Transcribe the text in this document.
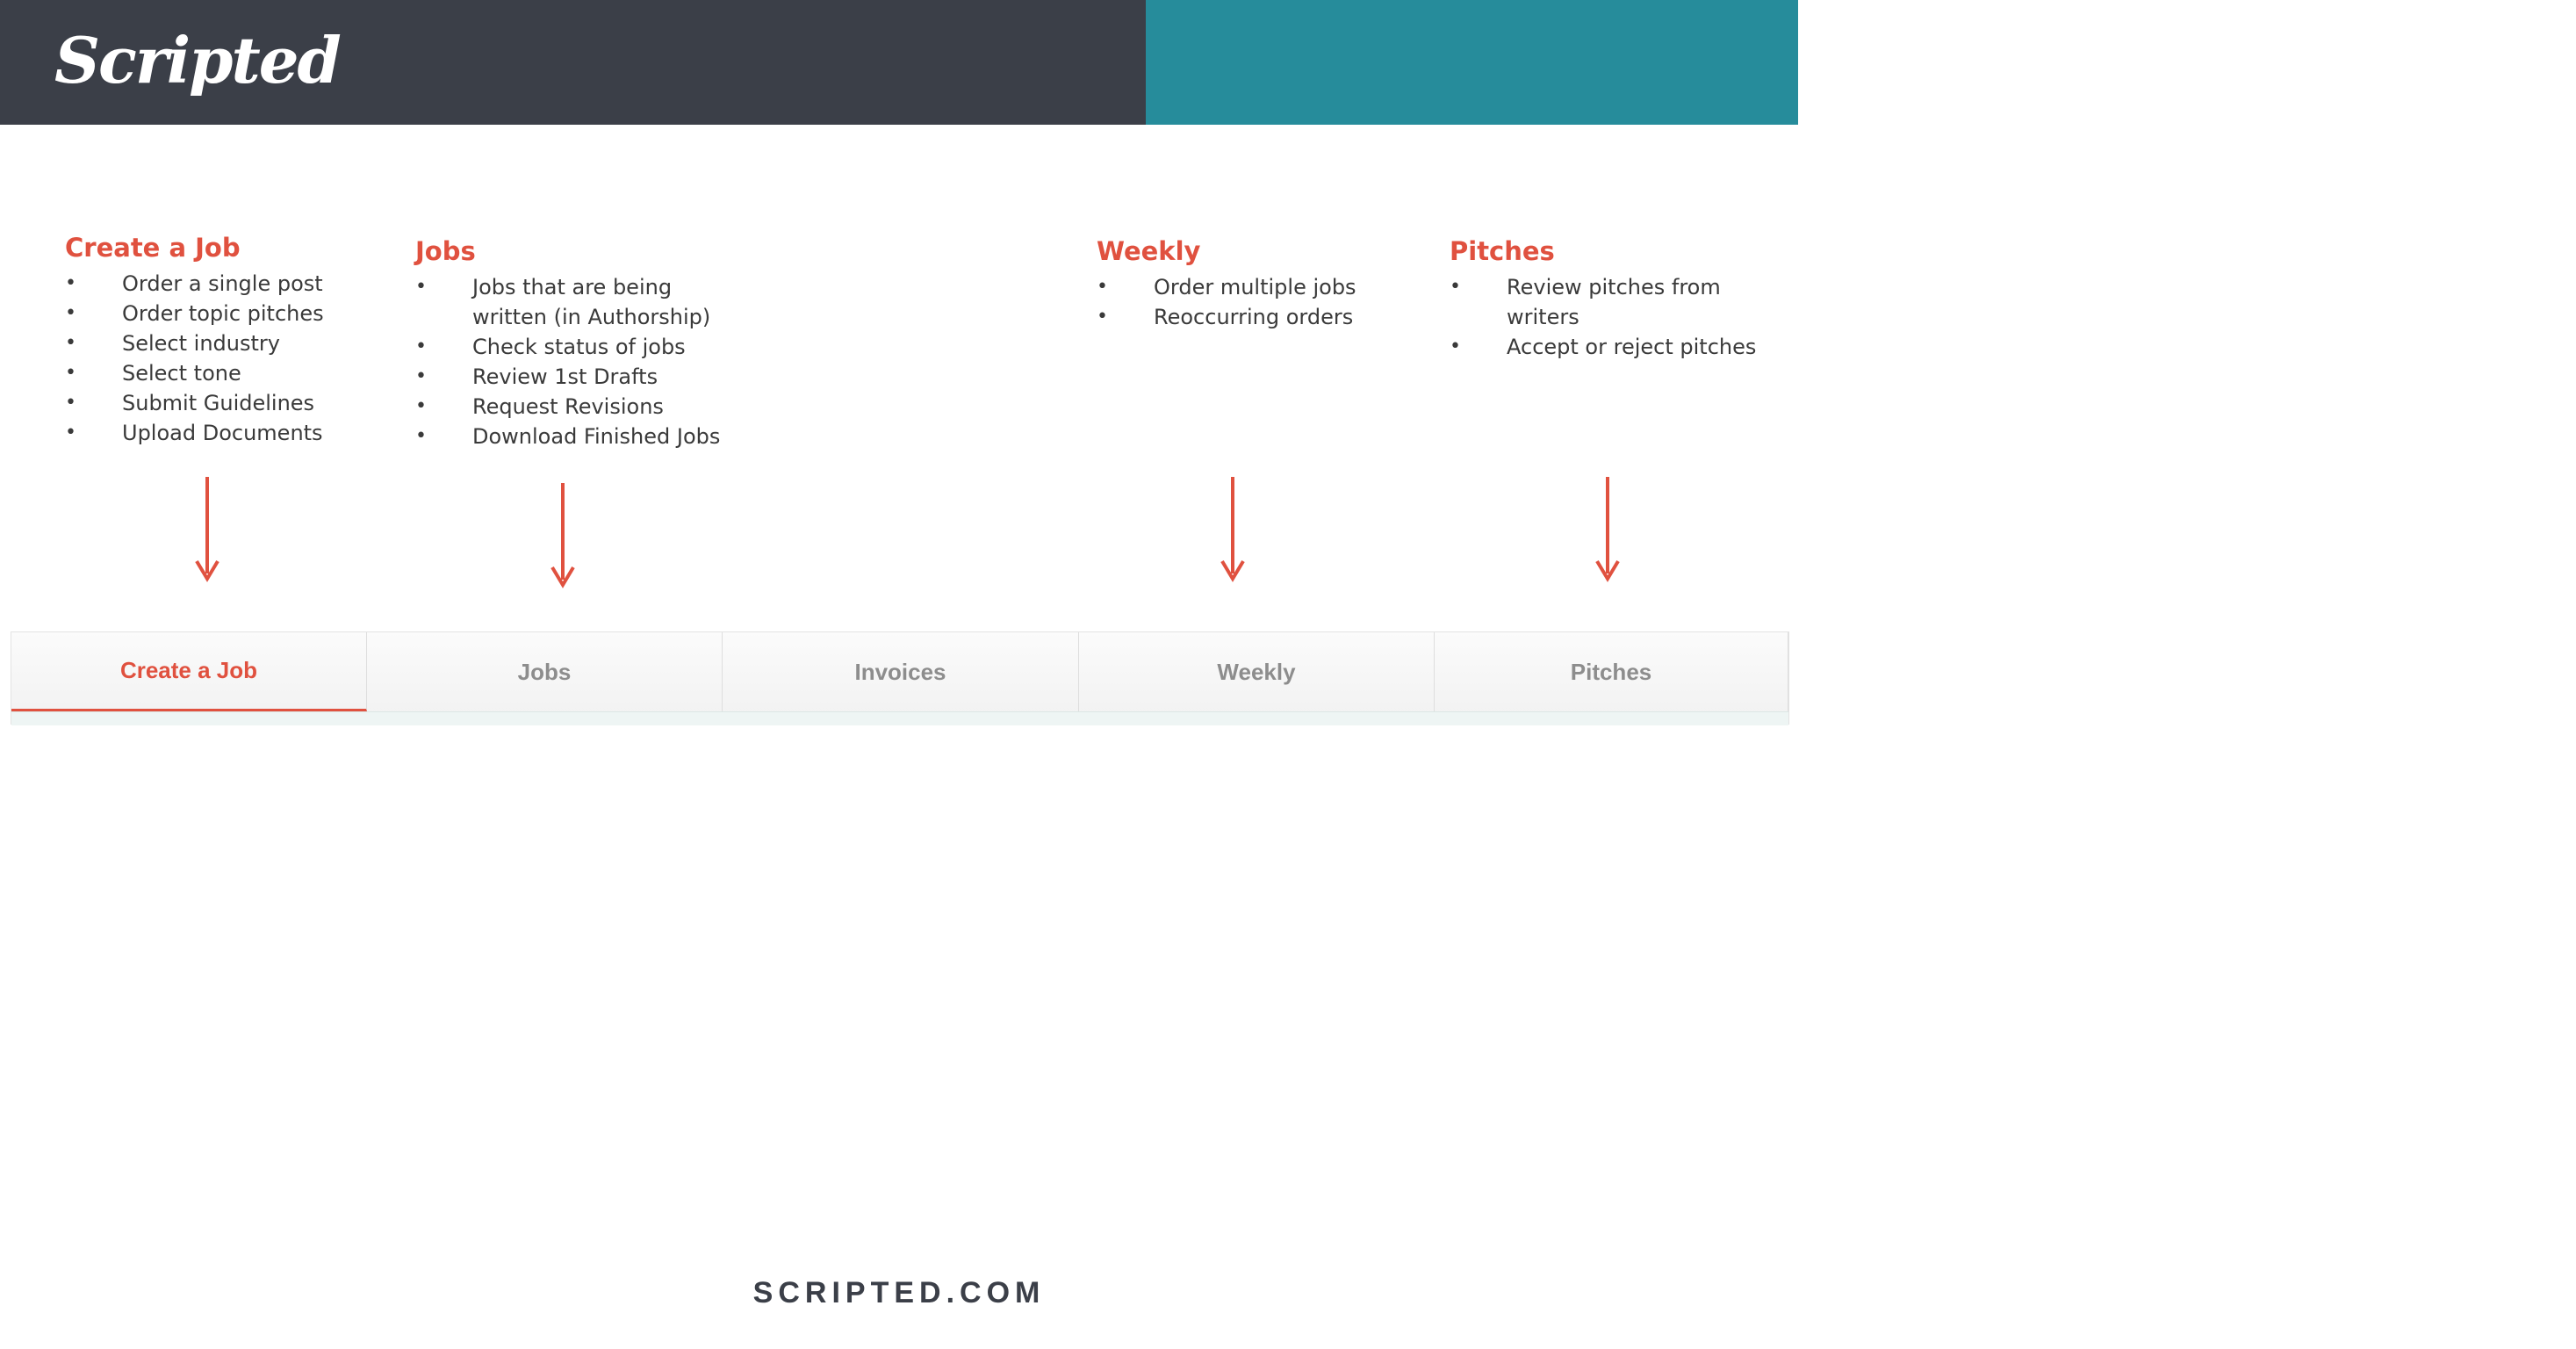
Scripted	DASHBOARD TABS
Create a Job
• Order a single post
• Order topic pitches
• Select industry
• Select tone
• Submit Guidelines
• Upload Documents
Jobs
• Jobs that are being
written (in Authorship)
• Check status of jobs
• Review 1st Drafts
• Request Revisions
• Download Finished Jobs
Weekly
• Order multiple jobs
• Reoccurring orders
Pitches
• Review pitches from
writers
• Accept or reject pitches
Create a Job	Jobs	Invoices	Weekly	Pitches
SCRIPTED.COM
